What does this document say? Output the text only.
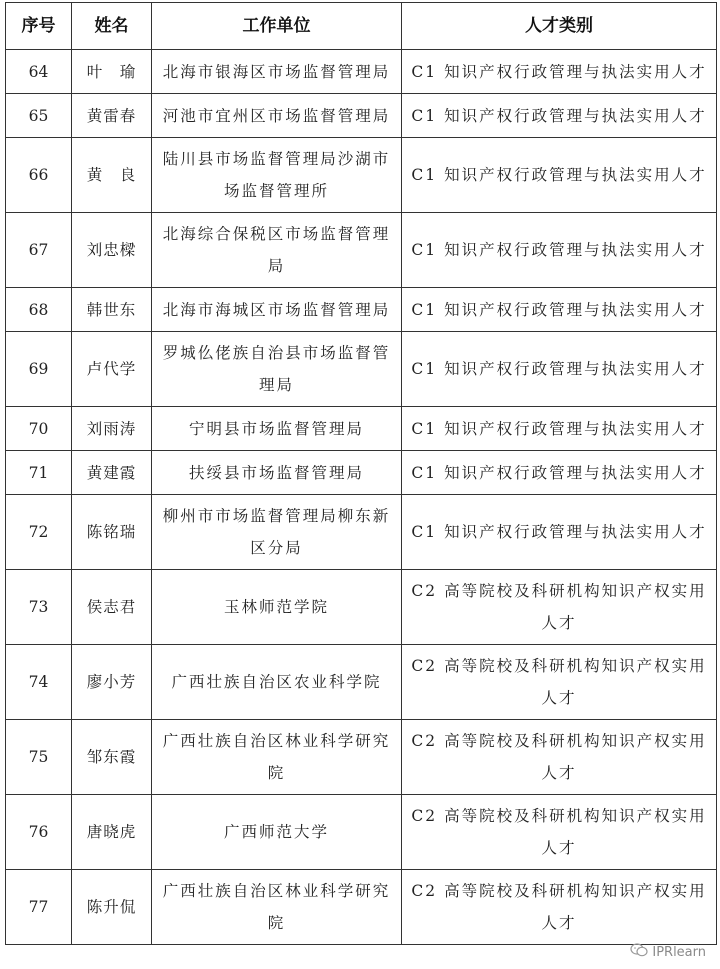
序号	姓名	工作单位	人才类别
64	叶　瑜	北海市银海区市场监督管理局	C1 知识产权行政管理与执法实用人才
65	黄雷春	河池市宜州区市场监督管理局	C1 知识产权行政管理与执法实用人才
66	黄　良	陆川县市场监督管理局沙湖市场监督管理所	C1 知识产权行政管理与执法实用人才
67	刘忠樑	北海综合保税区市场监督管理局	C1 知识产权行政管理与执法实用人才
68	韩世东	北海市海城区市场监督管理局	C1 知识产权行政管理与执法实用人才
69	卢代学	罗城仫佬族自治县市场监督管理局	C1 知识产权行政管理与执法实用人才
70	刘雨涛	宁明县市场监督管理局	C1 知识产权行政管理与执法实用人才
71	黄建霞	扶绥县市场监督管理局	C1 知识产权行政管理与执法实用人才
72	陈铭瑞	柳州市市场监督管理局柳东新区分局	C1 知识产权行政管理与执法实用人才
73	侯志君	玉林师范学院	C2 高等院校及科研机构知识产权实用人才
74	廖小芳	广西壮族自治区农业科学院	C2 高等院校及科研机构知识产权实用人才
75	邹东霞	广西壮族自治区林业科学研究院	C2 高等院校及科研机构知识产权实用人才
76	唐晓虎	广西师范大学	C2 高等院校及科研机构知识产权实用人才
77	陈升侃	广西壮族自治区林业科学研究院	C2 高等院校及科研机构知识产权实用人才
IPRlearn
